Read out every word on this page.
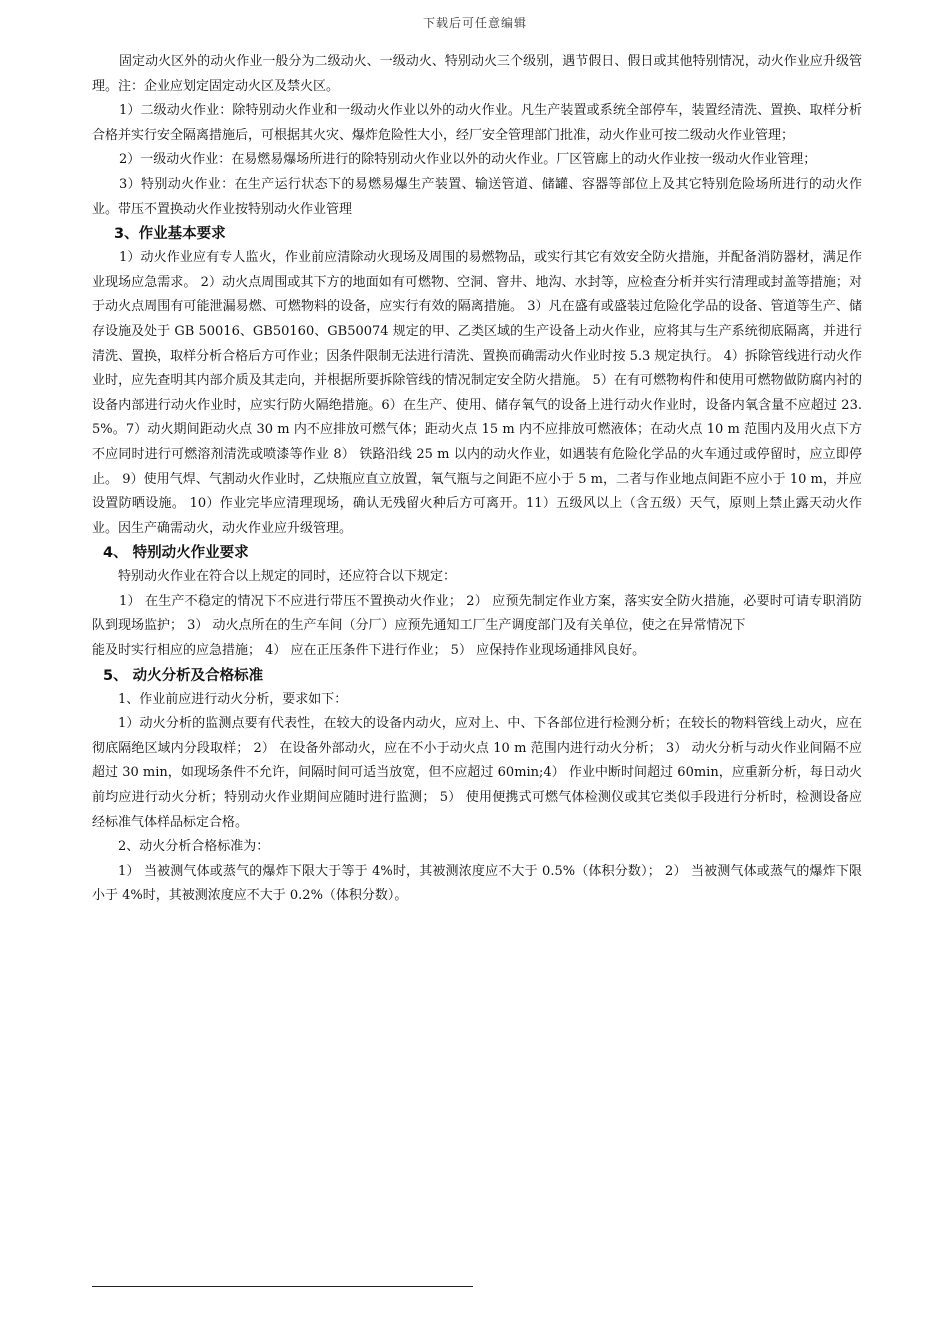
下载后可任意编辑

固定动火区外的动火作业一般分为二级动火、一级动火、特别动火三个级别，遇节假日、假日或其他特别情况，动火作业应升级管理。注：企业应划定固定动火区及禁火区。

1）二级动火作业：除特别动火作业和一级动火作业以外的动火作业。凡生产装置或系统全部停车，装置经清洗、置换、取样分析合格并实行安全隔离措施后，可根据其火灾、爆炸危险性大小，经厂安全管理部门批准，动火作业可按二级动火作业管理；

2）一级动火作业：在易燃易爆场所进行的除特别动火作业以外的动火作业。厂区管廊上的动火作业按一级动火作业管理；

3）特别动火作业：在生产运行状态下的易燃易爆生产装置、输送管道、储罐、容器等部位上及其它特别危险场所进行的动火作业。带压不置换动火作业按特别动火作业管理

3、作业基本要求

1）动火作业应有专人监火，作业前应清除动火现场及周围的易燃物品，或实行其它有效安全防火措施，并配备消防器材，满足作业现场应急需求。 2）动火点周围或其下方的地面如有可燃物、空洞、窨井、地沟、水封等，应检查分析并实行清理或封盖等措施；对于动火点周围有可能泄漏易燃、可燃物料的设备，应实行有效的隔离措施。 3）凡在盛有或盛装过危险化学品的设备、管道等生产、储存设施及处于 GB 50016、GB50160、GB50074 规定的甲、乙类区域的生产设备上动火作业，应将其与生产系统彻底隔离，并进行清洗、置换，取样分析合格后方可作业；因条件限制无法进行清洗、置换而确需动火作业时按 5.3 规定执行。 4）拆除管线进行动火作业时，应先查明其内部介质及其走向，并根据所要拆除管线的情况制定安全防火措施。 5）在有可燃物构件和使用可燃物做防腐内衬的设备内部进行动火作业时，应实行防火隔绝措施。6）在生产、使用、储存氧气的设备上进行动火作业时，设备内氧含量不应超过 23.5%。7）动火期间距动火点 30 m 内不应排放可燃气体；距动火点 15 m 内不应排放可燃液体；在动火点 10 m 范围内及用火点下方不应同时进行可燃溶剂清洗或喷漆等作业 8） 铁路沿线 25 m 以内的动火作业，如遇装有危险化学品的火车通过或停留时，应立即停止。 9）使用气焊、气割动火作业时，乙炔瓶应直立放置，氧气瓶与之间距不应小于 5 m，二者与作业地点间距不应小于 10 m，并应设置防晒设施。 10）作业完毕应清理现场，确认无残留火种后方可离开。11）五级风以上（含五级）天气，原则上禁止露天动火作业。因生产确需动火，动火作业应升级管理。

4、 特别动火作业要求

特别动火作业在符合以上规定的同时，还应符合以下规定：

1） 在生产不稳定的情况下不应进行带压不置换动火作业； 2） 应预先制定作业方案，落实安全防火措施，必要时可请专职消防队到现场监护； 3） 动火点所在的生产车间（分厂）应预先通知工厂生产调度部门及有关单位，使之在异常情况下

能及时实行相应的应急措施； 4） 应在正压条件下进行作业； 5） 应保持作业现场通排风良好。

5、 动火分析及合格标准

1、作业前应进行动火分析，要求如下：

1）动火分析的监测点要有代表性，在较大的设备内动火，应对上、中、下各部位进行检测分析；在较长的物料管线上动火，应在彻底隔绝区域内分段取样； 2） 在设备外部动火，应在不小于动火点 10 m 范围内进行动火分析； 3） 动火分析与动火作业间隔不应超过 30 min，如现场条件不允许，间隔时间可适当放宽，但不应超过 60min;4） 作业中断时间超过 60min，应重新分析，每日动火前均应进行动火分析；特别动火作业期间应随时进行监测； 5） 使用便携式可燃气体检测仪或其它类似手段进行分析时，检测设备应经标准气体样品标定合格。

2、动火分析合格标准为：

1） 当被测气体或蒸气的爆炸下限大于等于 4%时，其被测浓度应不大于 0.5%（体积分数）； 2） 当被测气体或蒸气的爆炸下限小于 4%时，其被测浓度应不大于 0.2%（体积分数）。
